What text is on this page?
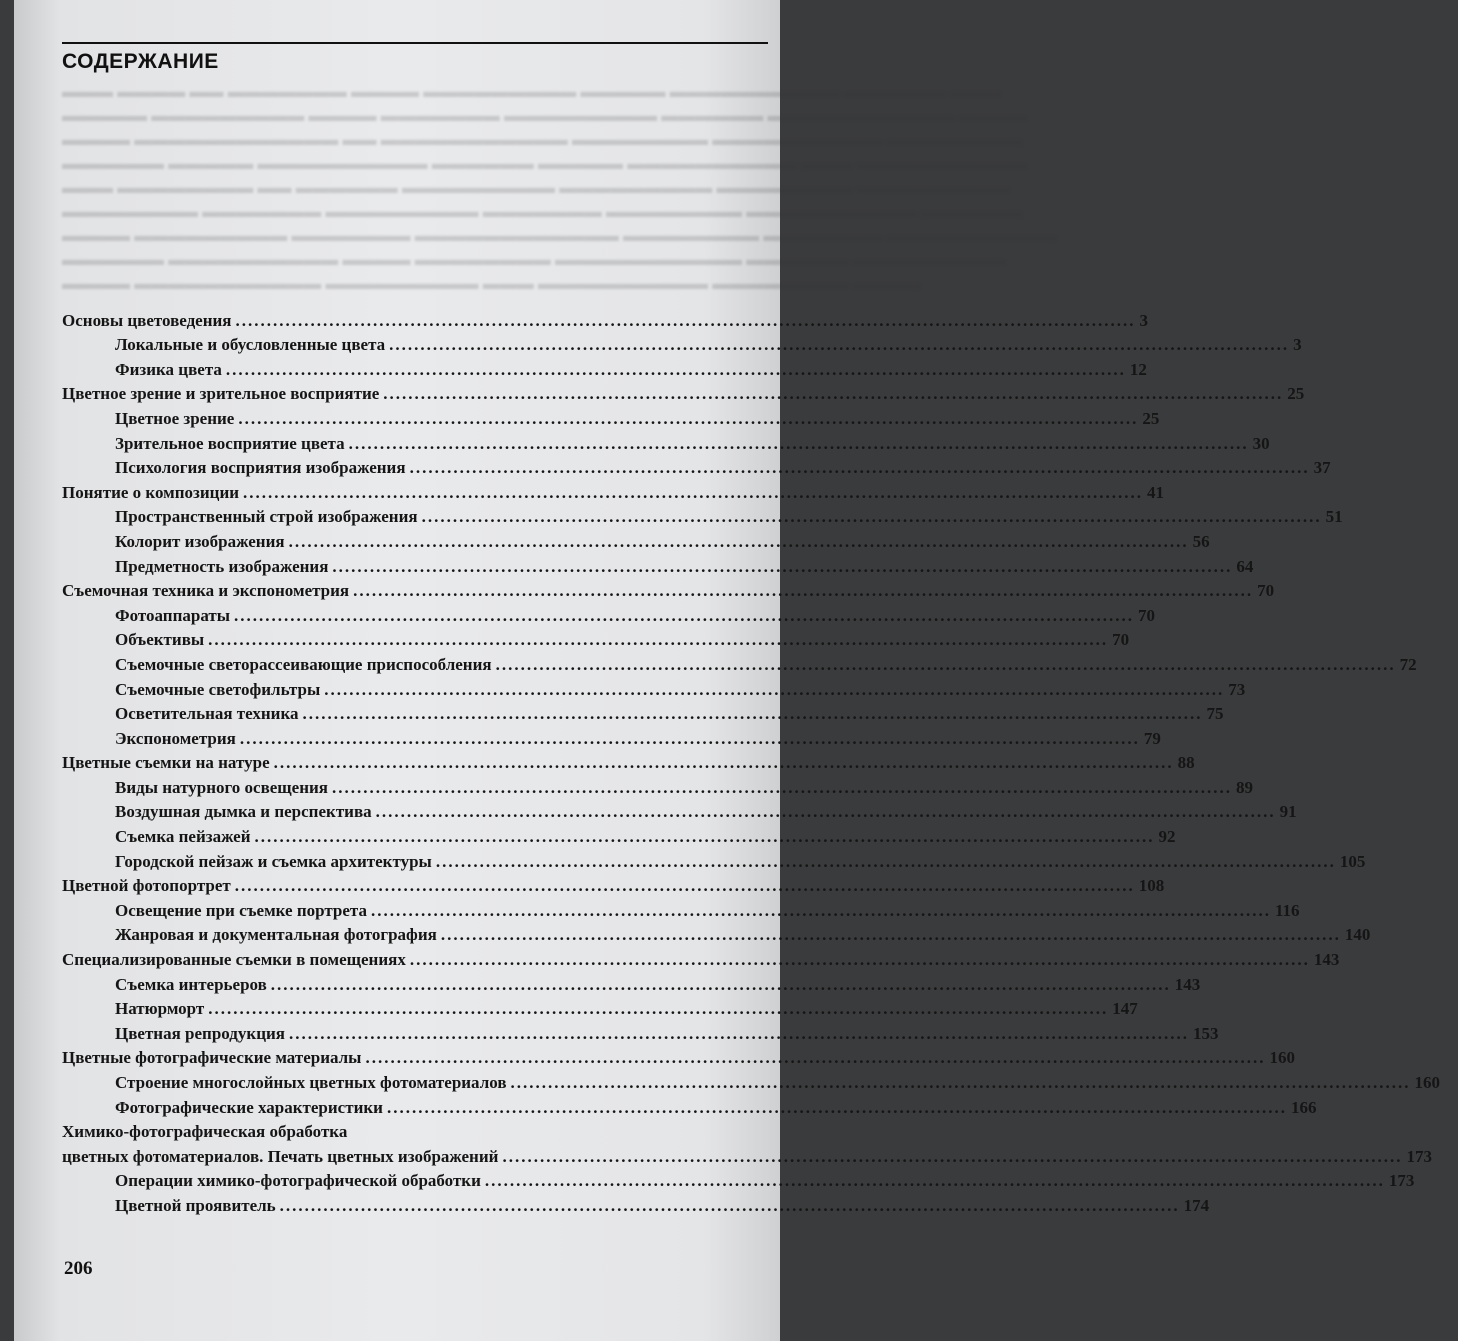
СОДЕРЖАНИЕ
▬▬▬ ▬▬▬▬ ▬▬ ▬▬▬▬▬▬▬ ▬▬▬▬ ▬▬▬▬▬▬▬▬▬ ▬▬▬▬▬ ▬▬▬▬▬▬▬▬▬▬ ▬▬▬▬▬▬ ▬▬▬
▬▬▬▬▬ ▬▬▬▬▬▬▬▬▬ ▬▬▬▬ ▬▬▬▬▬▬▬ ▬▬▬▬▬▬▬▬▬ ▬▬▬▬▬▬ ▬▬▬▬▬▬▬▬▬▬▬ ▬▬▬▬
▬▬▬▬ ▬▬▬▬▬▬▬▬▬▬▬▬ ▬▬ ▬▬▬▬▬▬▬▬▬▬▬ ▬▬▬▬▬▬▬▬ ▬▬▬▬▬▬▬▬▬▬ ▬▬▬▬▬▬▬▬
▬▬▬▬▬▬ ▬▬▬▬▬ ▬▬▬▬▬▬▬▬▬▬ ▬▬▬▬▬▬ ▬▬▬▬▬ ▬▬▬▬▬▬▬▬▬▬ ▬▬▬ ▬▬▬▬▬▬▬▬▬▬
▬▬▬ ▬▬▬▬▬▬▬▬ ▬▬ ▬▬▬▬▬▬ ▬▬▬▬▬▬▬▬▬ ▬▬▬▬▬▬▬▬▬ ▬▬▬▬▬▬▬▬ ▬▬▬▬▬▬▬▬▬
▬▬▬▬▬▬▬▬ ▬▬▬▬▬▬▬ ▬▬▬▬▬▬▬▬▬ ▬▬▬▬▬▬▬ ▬▬▬▬▬▬▬▬ ▬▬▬▬▬▬▬▬▬▬ ▬▬▬▬▬▬
▬▬▬▬ ▬▬▬▬▬▬▬▬▬ ▬▬▬▬▬▬▬ ▬▬▬▬▬▬▬▬▬▬▬▬ ▬▬▬▬▬▬▬▬ ▬▬▬▬▬▬▬ ▬▬▬▬▬▬▬▬▬▬
▬▬▬▬▬▬ ▬▬▬▬▬▬▬▬▬▬ ▬▬▬▬ ▬▬▬▬▬▬▬▬ ▬▬▬▬▬▬▬▬▬▬▬ ▬▬▬▬▬▬ ▬▬▬▬▬▬▬▬▬
▬▬▬▬ ▬▬▬▬▬▬▬▬▬▬▬ ▬▬▬▬▬▬▬▬▬ ▬▬▬ ▬▬▬▬▬▬▬▬▬▬ ▬▬▬▬▬▬▬▬ ▬▬▬▬
Основы цветоведения .....	3
Локальные и обусловленные цвета .....	3
Физика цвета .....	12
Цветное зрение и зрительное восприятие .....	25
Цветное зрение .....	25
Зрительное восприятие цвета .....	30
Психология восприятия изображения .....	37
Понятие о композиции .....	41
Пространственный строй изображения .....	51
Колорит изображения .....	56
Предметность изображения .....	64
Съемочная техника и экспонометрия .....	70
Фотоаппараты .....	70
Объективы .....	70
Съемочные светорассеивающие приспособления .....	72
Съемочные светофильтры .....	73
Осветительная техника .....	75
Экспонометрия .....	79
Цветные съемки на натуре .....	88
Виды натурного освещения .....	89
Воздушная дымка и перспектива .....	91
Съемка пейзажей .....	92
Городской пейзаж и съемка архитектуры .....	105
Цветной фотопортрет .....	108
Освещение при съемке портрета .....	116
Жанровая и документальная фотография .....	140
Специализированные съемки в помещениях .....	143
Съемка интерьеров .....	143
Натюрморт .....	147
Цветная репродукция .....	153
Цветные фотографические материалы .....	160
Строение многослойных цветных фотоматериалов .....	160
Фотографические характеристики .....	166
Химико-фотографическая обработка
цветных фотоматериалов. Печать цветных изображений .....	173
Операции химико-фотографической обработки .....	173
Цветной проявитель .....	174
206
